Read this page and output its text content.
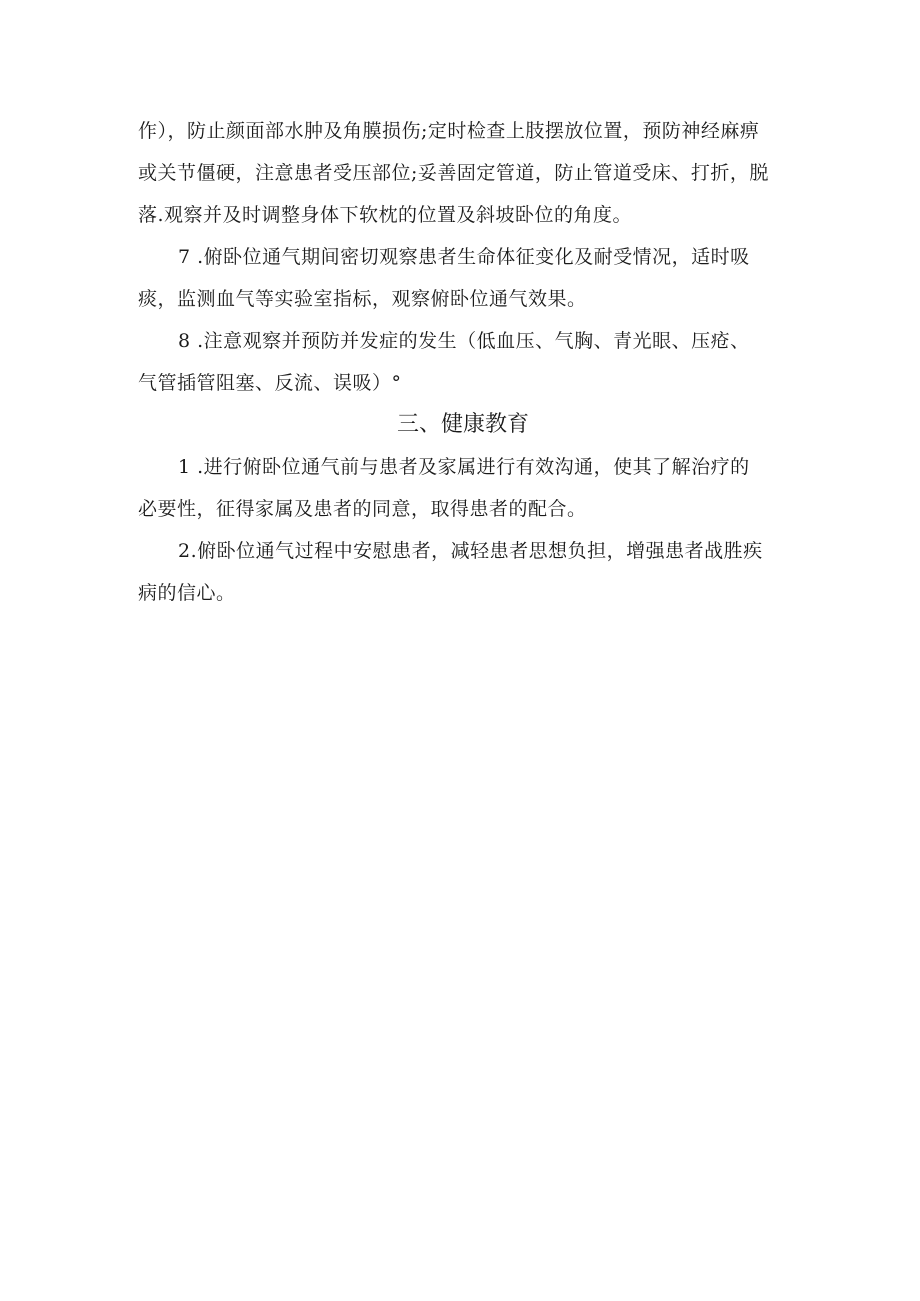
作），防止颜面部水肿及角膜损伤;定时检查上肢摆放位置，预防神经麻痹
或关节僵硬，注意患者受压部位;妥善固定管道，防止管道受床、打折，脱
落.观察并及时调整身体下软枕的位置及斜坡卧位的角度。

7 .俯卧位通气期间密切观察患者生命体征变化及耐受情况，适时吸
痰，监测血气等实验室指标，观察俯卧位通气效果。

8 .注意观察并预防并发症的发生（低血压、气胸、青光眼、压疮、
气管插管阻塞、反流、误吸）°

三、健康教育

1 .进行俯卧位通气前与患者及家属进行有效沟通，使其了解治疗的
必要性，征得家属及患者的同意，取得患者的配合。

2.俯卧位通气过程中安慰患者，减轻患者思想负担，增强患者战胜疾
病的信心。
